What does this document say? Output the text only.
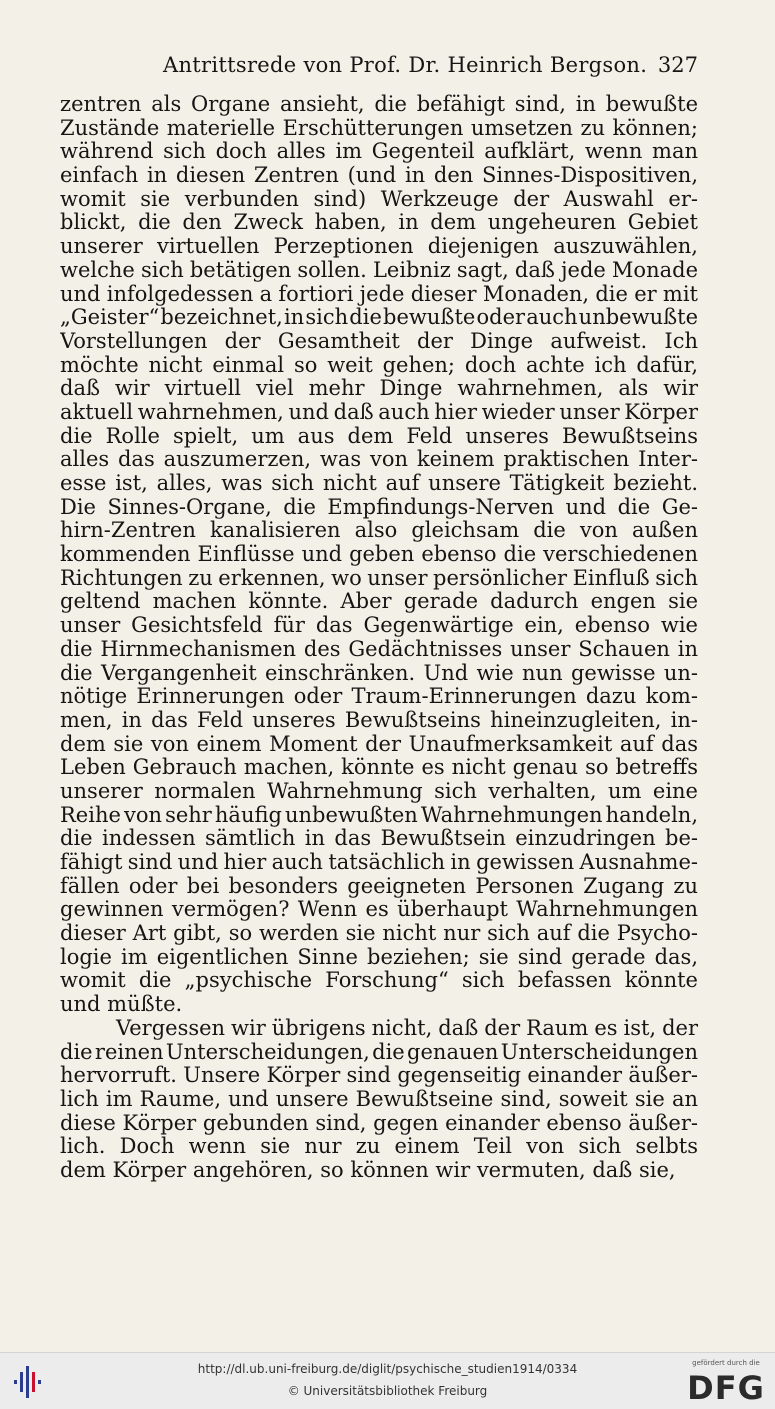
Antrittsrede von Prof. Dr. Heinrich Bergson. 327
zentren als Organe ansieht, die befähigt sind, in bewußte
Zustände materielle Erschütterungen umsetzen zu können;
während sich doch alles im Gegenteil aufklärt, wenn man
einfach in diesen Zentren (und in den Sinnes-Dispositiven,
womit sie verbunden sind) Werkzeuge der Auswahl er-
blickt, die den Zweck haben, in dem ungeheuren Gebiet
unserer virtuellen Perzeptionen diejenigen auszuwählen,
welche sich betätigen sollen. Leibniz sagt, daß jede Monade
und infolgedessen a fortiori jede dieser Monaden, die er mit
„Geister“ bezeichnet, in sich die bewußte oder auch unbewußte
Vorstellungen der Gesamtheit der Dinge aufweist. Ich
möchte nicht einmal so weit gehen; doch achte ich dafür,
daß wir virtuell viel mehr Dinge wahrnehmen, als wir
aktuell wahrnehmen, und daß auch hier wieder unser Körper
die Rolle spielt, um aus dem Feld unseres Bewußtseins
alles das auszumerzen, was von keinem praktischen Inter-
esse ist, alles, was sich nicht auf unsere Tätigkeit bezieht.
Die Sinnes-Organe, die Empfindungs-Nerven und die Ge-
hirn-Zentren kanalisieren also gleichsam die von außen
kommenden Einflüsse und geben ebenso die verschiedenen
Richtungen zu erkennen, wo unser persönlicher Einfluß sich
geltend machen könnte. Aber gerade dadurch engen sie
unser Gesichtsfeld für das Gegenwärtige ein, ebenso wie
die Hirnmechanismen des Gedächtnisses unser Schauen in
die Vergangenheit einschränken. Und wie nun gewisse un-
nötige Erinnerungen oder Traum-Erinnerungen dazu kom-
men, in das Feld unseres Bewußtseins hineinzugleiten, in-
dem sie von einem Moment der Unaufmerksamkeit auf das
Leben Gebrauch machen, könnte es nicht genau so betreffs
unserer normalen Wahrnehmung sich verhalten, um eine
Reihe von sehr häufig unbewußten Wahrnehmungen handeln,
die indessen sämtlich in das Bewußtsein einzudringen be-
fähigt sind und hier auch tatsächlich in gewissen Ausnahme-
fällen oder bei besonders geeigneten Personen Zugang zu
gewinnen vermögen? Wenn es überhaupt Wahrnehmungen
dieser Art gibt, so werden sie nicht nur sich auf die Psycho-
logie im eigentlichen Sinne beziehen; sie sind gerade das,
womit die „psychische Forschung“ sich befassen könnte
und müßte.
Vergessen wir übrigens nicht, daß der Raum es ist, der
die reinen Unterscheidungen, die genauen Unterscheidungen
hervorruft. Unsere Körper sind gegenseitig einander äußer-
lich im Raume, und unsere Bewußtseine sind, soweit sie an
diese Körper gebunden sind, gegen einander ebenso äußer-
lich. Doch wenn sie nur zu einem Teil von sich selbts
dem Körper angehören, so können wir vermuten, daß sie,
http://dl.ub.uni-freiburg.de/diglit/psychische_studien1914/0334
© Universitätsbibliothek Freiburg
gefördert durch die
DFG
